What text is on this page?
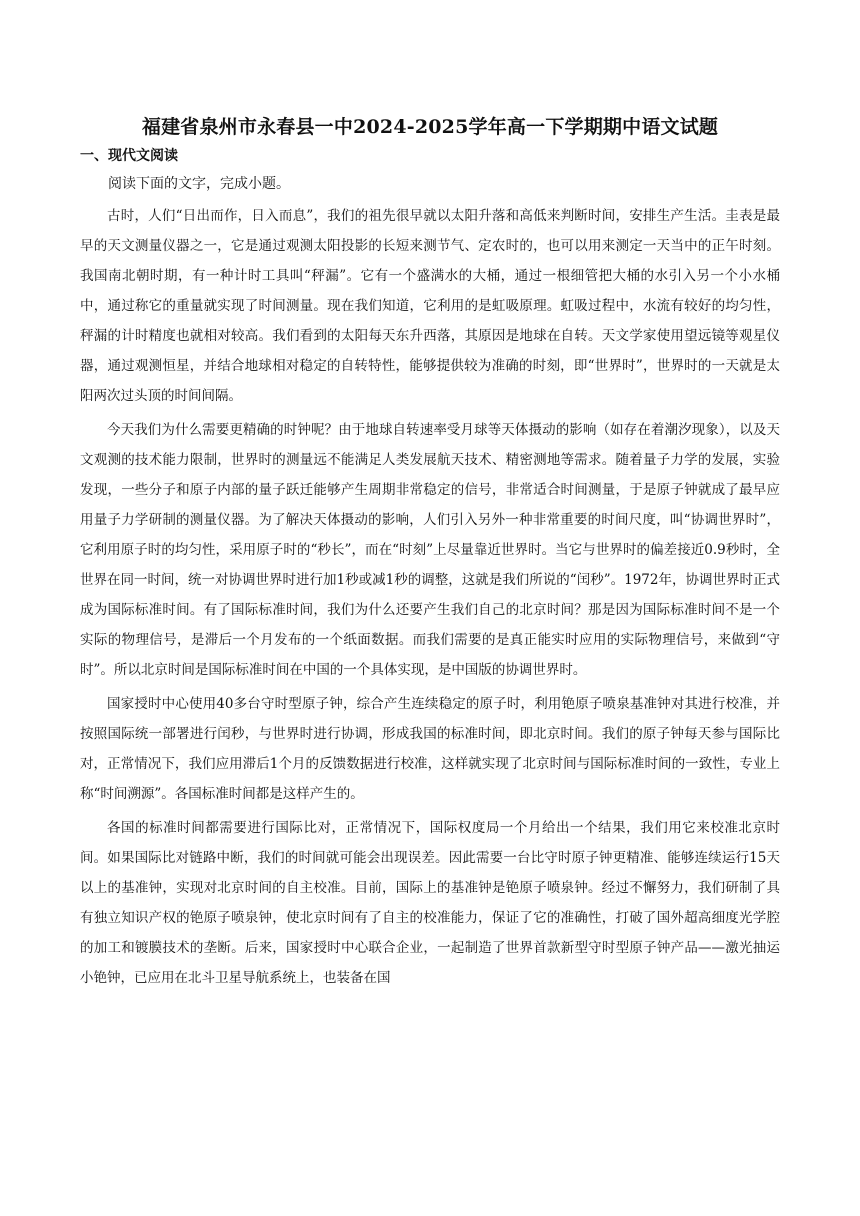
福建省泉州市永春县一中2024-2025学年高一下学期期中语文试题
一、现代文阅读
阅读下面的文字，完成小题。

古时，人们“日出而作，日入而息”，我们的祖先很早就以太阳升落和高低来判断时间，安排生产生活。圭表是最早的天文测量仪器之一，它是通过观测太阳投影的长短来测节气、定农时的，也可以用来测定一天当中的正午时刻。我国南北朝时期，有一种计时工具叫“秤漏”。它有一个盛满水的大桶，通过一根细管把大桶的水引入另一个小水桶中，通过称它的重量就实现了时间测量。现在我们知道，它利用的是虹吸原理。虹吸过程中，水流有较好的均匀性，秤漏的计时精度也就相对较高。我们看到的太阳每天东升西落，其原因是地球在自转。天文学家使用望远镜等观星仪器，通过观测恒星，并结合地球相对稳定的自转特性，能够提供较为准确的时刻，即“世界时”，世界时的一天就是太阳两次过头顶的时间间隔。

今天我们为什么需要更精确的时钟呢？由于地球自转速率受月球等天体摄动的影响（如存在着潮汐现象），以及天文观测的技术能力限制，世界时的测量远不能满足人类发展航天技术、精密测地等需求。随着量子力学的发展，实验发现，一些分子和原子内部的量子跃迁能够产生周期非常稳定的信号，非常适合时间测量，于是原子钟就成了最早应用量子力学研制的测量仪器。为了解决天体摄动的影响，人们引入另外一种非常重要的时间尺度，叫“协调世界时”，它利用原子时的均匀性，采用原子时的“秒长”，而在“时刻”上尽量靠近世界时。当它与世界时的偏差接近0.9秒时，全世界在同一时间，统一对协调世界时进行加1秒或减1秒的调整，这就是我们所说的“闰秒”。1972年，协调世界时正式成为国际标准时间。有了国际标准时间，我们为什么还要产生我们自己的北京时间？那是因为国际标准时间不是一个实际的物理信号，是滞后一个月发布的一个纸面数据。而我们需要的是真正能实时应用的实际物理信号，来做到“守时”。所以北京时间是国际标准时间在中国的一个具体实现，是中国版的协调世界时。

国家授时中心使用40多台守时型原子钟，综合产生连续稳定的原子时，利用铯原子喷泉基准钟对其进行校准，并按照国际统一部署进行闰秒，与世界时进行协调，形成我国的标准时间，即北京时间。我们的原子钟每天参与国际比对，正常情况下，我们应用滞后1个月的反馈数据进行校准，这样就实现了北京时间与国际标准时间的一致性，专业上称“时间溯源”。各国标准时间都是这样产生的。

各国的标准时间都需要进行国际比对，正常情况下，国际权度局一个月给出一个结果，我们用它来校准北京时间。如果国际比对链路中断，我们的时间就可能会出现误差。因此需要一台比守时原子钟更精准、能够连续运行15天以上的基准钟，实现对北京时间的自主校准。目前，国际上的基准钟是铯原子喷泉钟。经过不懈努力，我们研制了具有独立知识产权的铯原子喷泉钟，使北京时间有了自主的校准能力，保证了它的准确性，打破了国外超高细度光学腔的加工和镀膜技术的垄断。后来，国家授时中心联合企业，一起制造了世界首款新型守时型原子钟产品——激光抽运小铯钟，已应用在北斗卫星导航系统上，也装备在国
